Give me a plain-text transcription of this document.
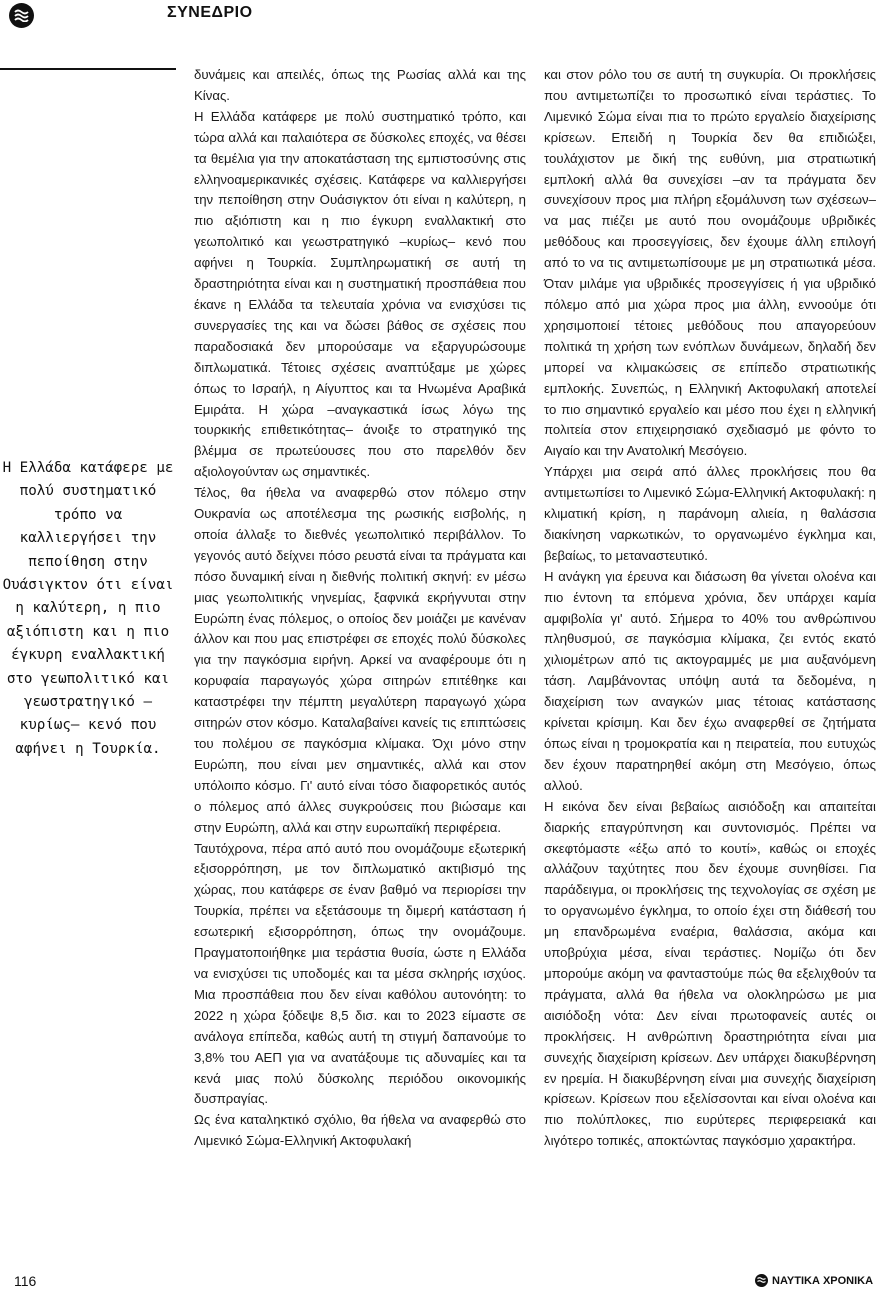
ΣΥΝΕΔΡΙΟ
Η Ελλάδα κατάφερε με πολύ συστηματικό τρόπο να καλλιεργήσει την πεποίθηση στην Ουάσιγκτον ότι είναι η καλύτερη, η πιο αξιόπιστη και η πιο έγκυρη εναλλακτική στο γεωπολιτικό και γεωστρατηγικό –κυρίως– κενό που αφήνει η Τουρκία.

δυνάμεις και απειλές, όπως της Ρωσίας αλλά και της Κίνας.

Η Ελλάδα κατάφερε με πολύ συστηματικό τρόπο, και τώρα αλλά και παλαιότερα σε δύσκολες εποχές, να θέσει τα θεμέλια για την αποκατάσταση της εμπιστοσύνης στις ελληνοαμερικανικές σχέσεις. Κατάφερε να καλλιεργήσει την πεποίθηση στην Ουάσιγκτον ότι είναι η καλύτερη, η πιο αξιόπιστη και η πιο έγκυρη εναλλακτική στο γεωπολιτικό και γεωστρατηγικό –κυρίως– κενό που αφήνει η Τουρκία. Συμπληρωματική σε αυτή τη δραστηριότητα είναι και η συστηματική προσπάθεια που έκανε η Ελλάδα τα τελευταία χρόνια να ενισχύσει τις συνεργασίες της και να δώσει βάθος σε σχέσεις που παραδοσιακά δεν μπορούσαμε να εξαργυρώσουμε διπλωματικά. Τέτοιες σχέσεις αναπτύξαμε με χώρες όπως το Ισραήλ, η Αίγυπτος και τα Ηνωμένα Αραβικά Εμιράτα. Η χώρα –αναγκαστικά ίσως λόγω της τουρκικής επιθετικότητας– άνοιξε το στρατηγικό της βλέμμα σε πρωτεύουσες που στο παρελθόν δεν αξιολογούνταν ως σημαντικές.

Τέλος, θα ήθελα να αναφερθώ στον πόλεμο στην Ουκρανία ως αποτέλεσμα της ρωσικής εισβολής, η οποία άλλαξε το διεθνές γεωπολιτικό περιβάλλον. Το γεγονός αυτό δείχνει πόσο ρευστά είναι τα πράγματα και πόσο δυναμική είναι η διεθνής πολιτική σκηνή: εν μέσω μιας γεωπολιτικής νηνεμίας, ξαφνικά εκρήγνυται στην Ευρώπη ένας πόλεμος, ο οποίος δεν μοιάζει με κανέναν άλλον και που μας επιστρέφει σε εποχές πολύ δύσκολες για την παγκόσμια ειρήνη. Αρκεί να αναφέρουμε ότι η κορυφαία παραγωγός χώρα σιτηρών επιτέθηκε και καταστρέφει την πέμπτη μεγαλύτερη παραγωγό χώρα σιτηρών στον κόσμο. Καταλαβαίνει κανείς τις επιπτώσεις του πολέμου σε παγκόσμια κλίμακα. Όχι μόνο στην Ευρώπη, που είναι μεν σημαντικές, αλλά και στον υπόλοιπο κόσμο. Γι' αυτό είναι τόσο διαφορετικός αυτός ο πόλεμος από άλλες συγκρούσεις που βιώσαμε και στην Ευρώπη, αλλά και στην ευρωπαϊκή περιφέρεια.

Ταυτόχρονα, πέρα από αυτό που ονομάζουμε εξωτερική εξισορρόπηση, με τον διπλωματικό ακτιβισμό της χώρας, που κατάφερε σε έναν βαθμό να περιορίσει την Τουρκία, πρέπει να εξετάσουμε τη διμερή κατάσταση ή εσωτερική εξισορρόπηση, όπως την ονομάζουμε. Πραγματοποιήθηκε μια τεράστια θυσία, ώστε η Ελλάδα να ενισχύσει τις υποδομές και τα μέσα σκληρής ισχύος. Μια προσπάθεια που δεν είναι καθόλου αυτονόητη: το 2022 η χώρα ξόδεψε 8,5 δισ. και το 2023 είμαστε σε ανάλογα επίπεδα, καθώς αυτή τη στιγμή δαπανούμε το 3,8% του ΑΕΠ για να ανατάξουμε τις αδυναμίες και τα κενά μιας πολύ δύσκολης περιόδου οικονομικής δυσπραγίας.

Ως ένα καταληκτικό σχόλιο, θα ήθελα να αναφερθώ στο Λιμενικό Σώμα-Ελληνική Ακτοφυλακή

και στον ρόλο του σε αυτή τη συγκυρία. Οι προκλήσεις που αντιμετωπίζει το προσωπικό είναι τεράστιες. Το Λιμενικό Σώμα είναι πια το πρώτο εργαλείο διαχείρισης κρίσεων. Επειδή η Τουρκία δεν θα επιδιώξει, τουλάχιστον με δική της ευθύνη, μια στρατιωτική εμπλοκή αλλά θα συνεχίσει –αν τα πράγματα δεν συνεχίσουν προς μια πλήρη εξομάλυνση των σχέσεων– να μας πιέζει με αυτό που ονομάζουμε υβριδικές μεθόδους και προσεγγίσεις, δεν έχουμε άλλη επιλογή από το να τις αντιμετωπίσουμε με μη στρατιωτικά μέσα. Όταν μιλάμε για υβριδικές προσεγγίσεις ή για υβριδικό πόλεμο από μια χώρα προς μια άλλη, εννοούμε ότι χρησιμοποιεί τέτοιες μεθόδους που απαγορεύουν πολιτικά τη χρήση των ενόπλων δυνάμεων, δηλαδή δεν μπορεί να κλιμακώσεις σε επίπεδο στρατιωτικής εμπλοκής. Συνεπώς, η Ελληνική Ακτοφυλακή αποτελεί το πιο σημαντικό εργαλείο και μέσο που έχει η ελληνική πολιτεία στον επιχειρησιακό σχεδιασμό με φόντο το Αιγαίο και την Ανατολική Μεσόγειο.

Υπάρχει μια σειρά από άλλες προκλήσεις που θα αντιμετωπίσει το Λιμενικό Σώμα-Ελληνική Ακτοφυλακή: η κλιματική κρίση, η παράνομη αλιεία, η θαλάσσια διακίνηση ναρκωτικών, το οργανωμένο έγκλημα και, βεβαίως, το μεταναστευτικό.

Η ανάγκη για έρευνα και διάσωση θα γίνεται ολοένα και πιο έντονη τα επόμενα χρόνια, δεν υπάρχει καμία αμφιβολία γι' αυτό. Σήμερα το 40% του ανθρώπινου πληθυσμού, σε παγκόσμια κλίμακα, ζει εντός εκατό χιλιομέτρων από τις ακτογραμμές με μια αυξανόμενη τάση. Λαμβάνοντας υπόψη αυτά τα δεδομένα, η διαχείριση των αναγκών μιας τέτοιας κατάστασης κρίνεται κρίσιμη. Και δεν έχω αναφερθεί σε ζητήματα όπως είναι η τρομοκρατία και η πειρατεία, που ευτυχώς δεν έχουν παρατηρηθεί ακόμη στη Μεσόγειο, όπως αλλού.

Η εικόνα δεν είναι βεβαίως αισιόδοξη και απαιτείται διαρκής επαγρύπνηση και συντονισμός. Πρέπει να σκεφτόμαστε «έξω από το κουτί», καθώς οι εποχές αλλάζουν ταχύτητες που δεν έχουμε συνηθίσει. Για παράδειγμα, οι προκλήσεις της τεχνολογίας σε σχέση με το οργανωμένο έγκλημα, το οποίο έχει στη διάθεσή του μη επανδρωμένα εναέρια, θαλάσσια, ακόμα και υποβρύχια μέσα, είναι τεράστιες. Νομίζω ότι δεν μπορούμε ακόμη να φανταστούμε πώς θα εξελιχθούν τα πράγματα, αλλά θα ήθελα να ολοκληρώσω με μια αισιόδοξη νότα: Δεν είναι πρωτοφανείς αυτές οι προκλήσεις. Η ανθρώπινη δραστηριότητα είναι μια συνεχής διαχείριση κρίσεων. Δεν υπάρχει διακυβέρνηση εν ηρεμία. Η διακυβέρνηση είναι μια συνεχής διαχείριση κρίσεων. Κρίσεων που εξελίσσονται και είναι ολοένα και πιο πολύπλοκες, πιο ευρύτερες περιφερειακά και λιγότερο τοπικές, αποκτώντας παγκόσμιο χαρακτήρα.

116	ΝΑΥΤΙΚΑ ΧΡΟΝΙΚΑ
